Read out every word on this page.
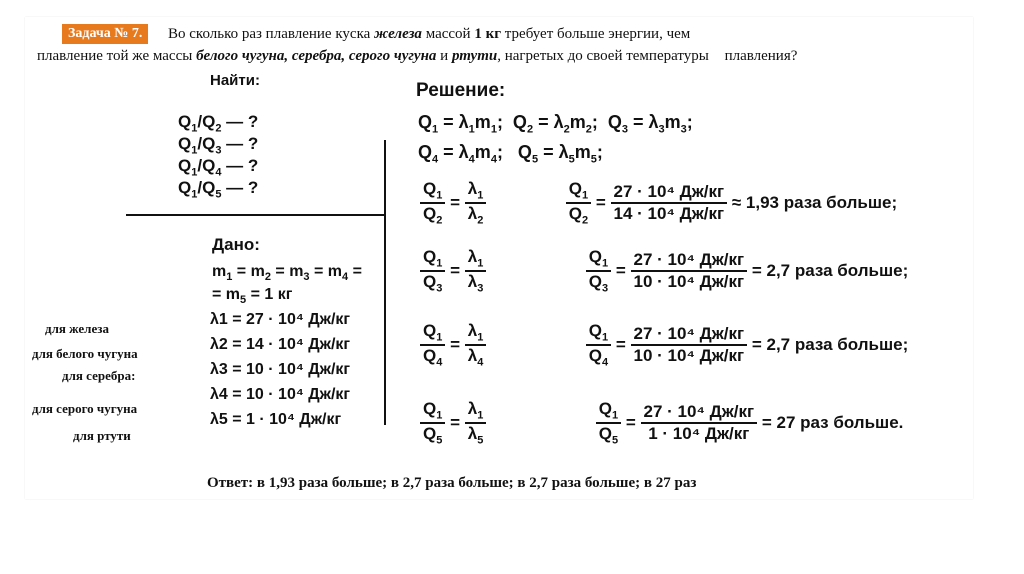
Задача № 7.	Во сколько раз плавление куска железа массой 1 кг требует больше энергии, чем
плавление той же массы белого чугуна, серебра, серого чугуна и ртути, нагретых до своей температуры плавления?
Найти:
$Q_1/Q_2$ — ?
$Q_1/Q_3$ — ?
$Q_1/Q_4$ — ?
$Q_1/Q_5$ — ?
Дано:
$m_1 = m_2 = m_3 = m_4$ =
= $m_5 = 1$ кг
λ1 = 27 · 10⁴ Дж/кг
λ2 = 14 · 10⁴ Дж/кг
λ3 = 10 · 10⁴ Дж/кг
λ4 = 10 · 10⁴ Дж/кг
λ5 = 1 · 10⁴ Дж/кг
для железа
для белого чугуна
для серебра:
для серого чугуна
для ртути
Решение:
$Q_1 = \lambda_1m_1$;  $Q_2 = \lambda_2m_2$;  $Q_3 = \lambda_3m_3$;
$Q_4 = \lambda_4m_4$;   $Q_5 = \lambda_5m_5$;
$\frac{Q_1}{Q_2} = \frac{\lambda_1}{\lambda_2}$
	$\frac{Q_1}{Q_2} = \frac{\text{27 · 10⁴ Дж/кг}}{\text{14 · 10⁴ Дж/кг}} \approx 1,93$ раза больше;
$\frac{Q_1}{Q_3} = \frac{\lambda_1}{\lambda_3}$
	$\frac{Q_1}{Q_3} = \frac{\text{27 · 10⁴ Дж/кг}}{\text{10 · 10⁴ Дж/кг}} = 2,7$ раза больше;
$\frac{Q_1}{Q_4} = \frac{\lambda_1}{\lambda_4}$
	$\frac{Q_1}{Q_4} = \frac{\text{27 · 10⁴ Дж/кг}}{\text{10 · 10⁴ Дж/кг}} = 2,7$ раза больше;
$\frac{Q_1}{Q_5} = \frac{\lambda_1}{\lambda_5}$
	$\frac{Q_1}{Q_5} = \frac{\text{27 · 10⁴ Дж/кг}}{\text{1 · 10⁴ Дж/кг}} = 27$ раз больше.
Ответ: в 1,93 раза больше; в 2,7 раза больше; в 2,7 раза больше; в 27 раз
